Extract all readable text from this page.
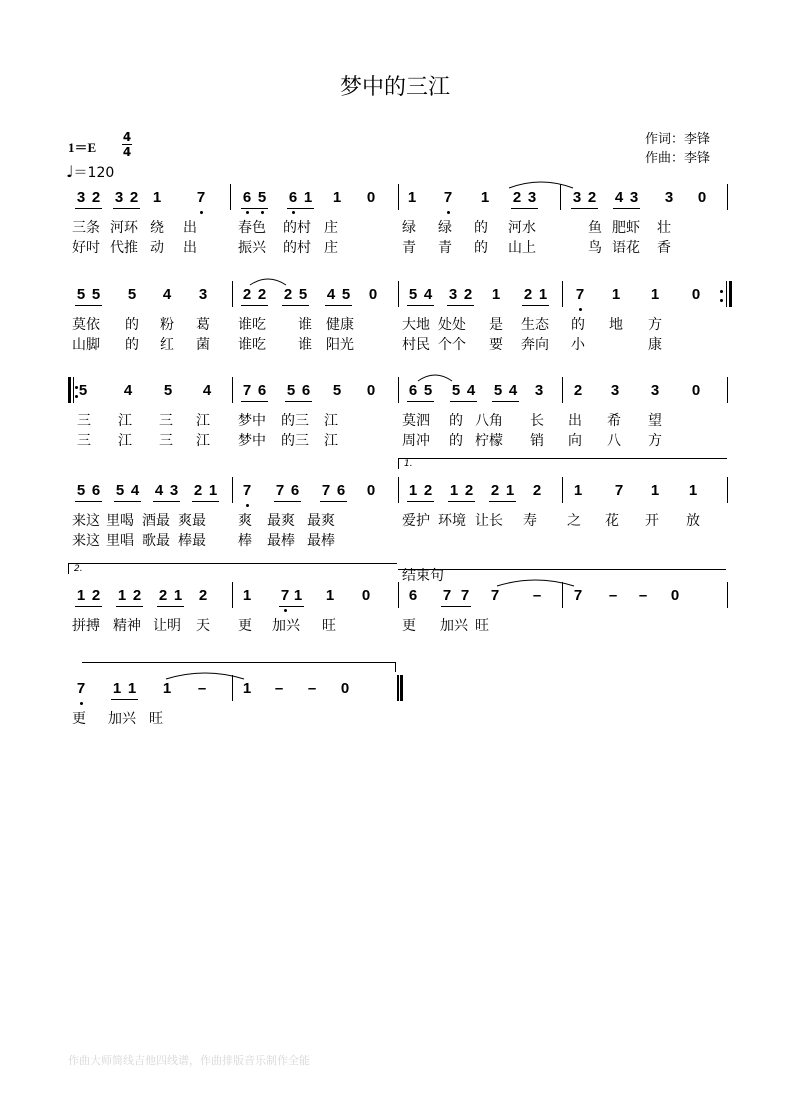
梦中的三江
作词：李锋
作曲：李锋
1＝E
4
4
♩＝120
3 2 3 2 1 7	6 5 6 1 1 0 1 7 1 2 3 3 2 4 3 3 0
三条 河环 绕 出	春色 的村 庄	绿 绿 的 河水	鱼 肥虾 壮
好吋 代推 动 出	振兴 的村 庄	青 青 的 山上	鸟 语花 香
5 5 5 4 3 2 2 2 5 4 5 0 5 4 3 2 1 2 1 7 1 1 0
莫依 的 粉 葛 谁吃 谁 健康	大地 处处 是 生态 的 地 方
山脚 的 红 菌 谁吃 谁 阳光	村民 个个 要 奔向 小	康
5 4 5 4 7 6 5 6 5 0 6 5 5 4 5 4 3 2 3 3 0
三 江 三 江 梦中 的三 江	莫泗 的 八角 长 出 希 望
三 江 三 江 梦中 的三 江	周冲 的 柠檬 销 向 八 方
5 6 5 4 4 3 2 1 7 7 6 7 6 0 1 2 1 2 2 1 2 1 7 1 1
来这 里喝 酒最 爽最 爽 最爽 最爽	爱护 环境 让长 寿 之 花 开 放
来这 里唱 歌最 棒最 棒 最棒 最棒
1.
1 2 1 2 2 1 2 1 7 1 1 0	6 7 7 7 – 7 – – 0
拼搏 精神 让明 天 更 加兴 旺	更 加兴 旺
2.	结束句
7 1 1 1 – 1 – – 0
更 加兴 旺
作曲大师简线吉他四线谱，作曲排版音乐制作全能
